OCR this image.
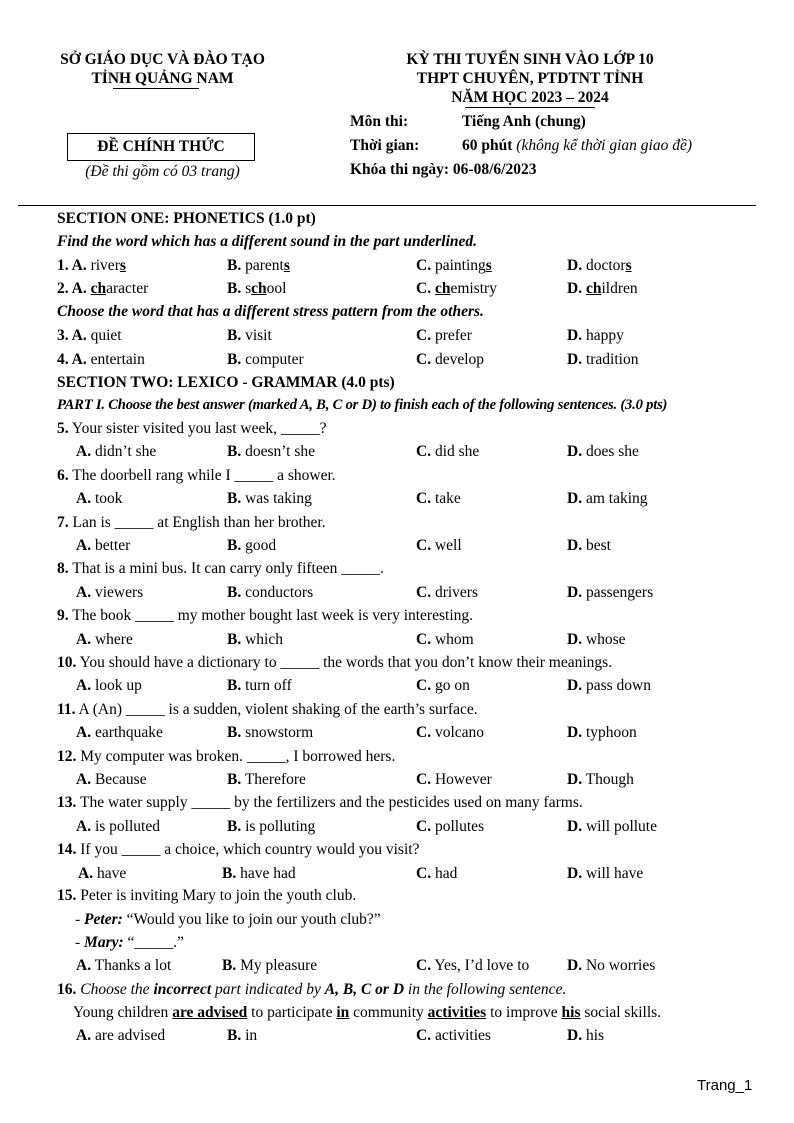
SỞ GIÁO DỤC VÀ ĐÀO TẠO
TỈNH QUẢNG NAM
KỲ THI TUYỂN SINH VÀO LỚP 10
THPT CHUYÊN, PTDTNT TỈNH
NĂM HỌC 2023 – 2024
ĐỀ CHÍNH THỨC
(Đề thi gồm có 03 trang)
Môn thi:	Tiếng Anh (chung)
Thời gian:	60 phút (không kể thời gian giao đề)
Khóa thi ngày: 06-08/6/2023
SECTION ONE: PHONETICS (1.0 pt)
Find the word which has a different sound in the part underlined.
1. A. rivers	B. parents	C. paintings	D. doctors
2. A. character	B. school	C. chemistry	D. children
Choose the word that has a different stress pattern from the others.
3. A. quiet	B. visit	C. prefer	D. happy
4. A. entertain	B. computer	C. develop	D. tradition
SECTION TWO: LEXICO - GRAMMAR (4.0 pts)
PART I. Choose the best answer (marked A, B, C or D) to finish each of the following sentences. (3.0 pts)
5. Your sister visited you last week, _____?
A. didn’t she	B. doesn’t she	C. did she	D. does she
6. The doorbell rang while I _____ a shower.
A. took	B. was taking	C. take	D. am taking
7. Lan is _____ at English than her brother.
A. better	B. good	C. well	D. best
8. That is a mini bus. It can carry only fifteen _____.
A. viewers	B. conductors	C. drivers	D. passengers
9. The book _____ my mother bought last week is very interesting.
A. where	B. which	C. whom	D. whose
10. You should have a dictionary to _____ the words that you don’t know their meanings.
A. look up	B. turn off	C. go on	D. pass down
11. A (An) _____ is a sudden, violent shaking of the earth’s surface.
A. earthquake	B. snowstorm	C. volcano	D. typhoon
12. My computer was broken. _____, I borrowed hers.
A. Because	B. Therefore	C. However	D. Though
13. The water supply _____ by the fertilizers and the pesticides used on many farms.
A. is polluted	B. is polluting	C. pollutes	D. will pollute
14. If you _____ a choice, which country would you visit?
A. have	B. have had	C. had	D. will have
15. Peter is inviting Mary to join the youth club.
- Peter: “Would you like to join our youth club?”
- Mary: “_____.”
A. Thanks a lot	B. My pleasure	C. Yes, I’d love to D. No worries
16. Choose the incorrect part indicated by A, B, C or D in the following sentence.
Young children are advised to participate in community activities to improve his social skills.
A. are advised	B. in	C. activities	D. his
Trang_1
